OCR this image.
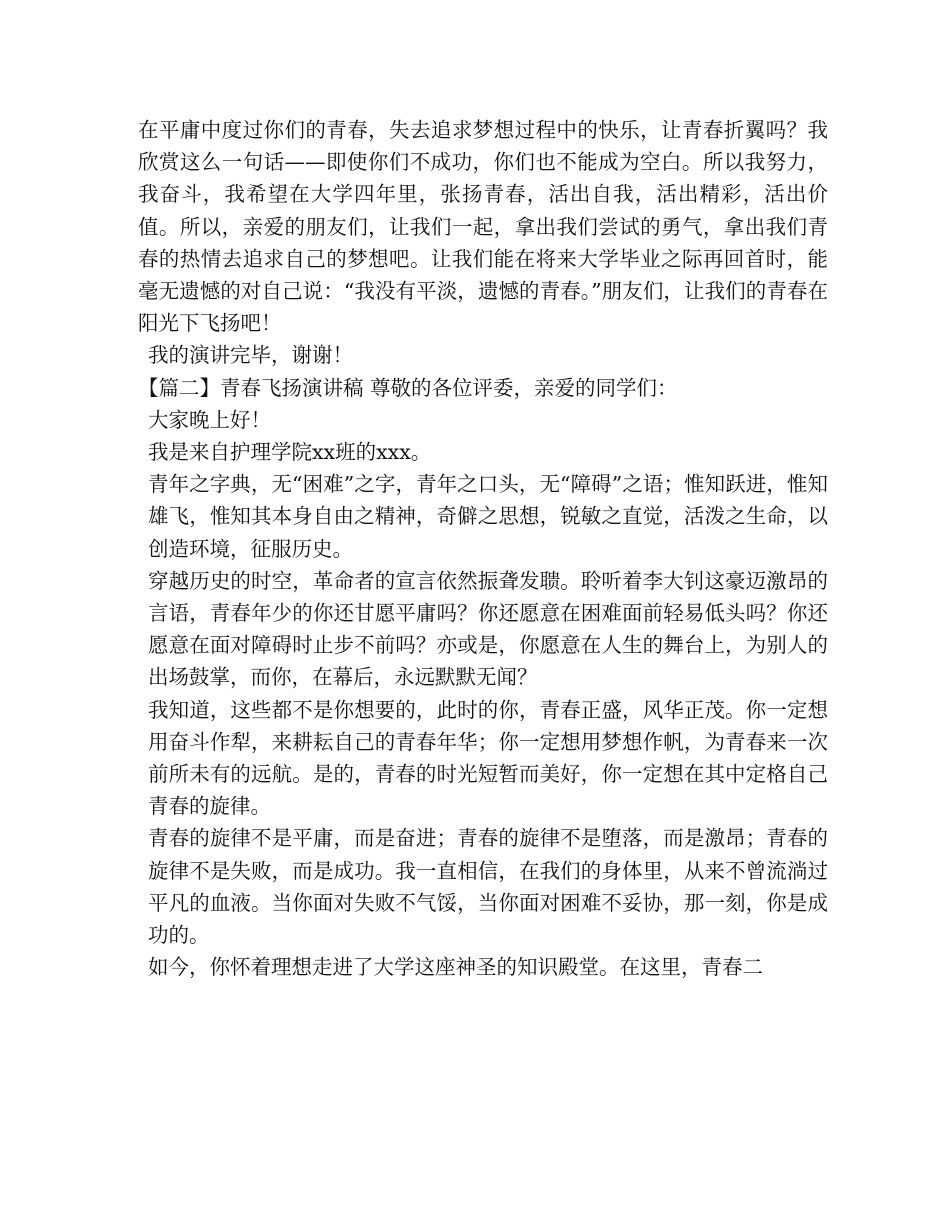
在平庸中度过你们的青春，失去追求梦想过程中的快乐，让青春折翼吗？我欣赏这么一句话——即使你们不成功，你们也不能成为空白。所以我努力，我奋斗，我希望在大学四年里，张扬青春，活出自我，活出精彩，活出价值。所以，亲爱的朋友们，让我们一起，拿出我们尝试的勇气，拿出我们青春的热情去追求自己的梦想吧。让我们能在将来大学毕业之际再回首时，能毫无遗憾的对自己说：“我没有平淡，遗憾的青春。”朋友们，让我们的青春在阳光下飞扬吧！

我的演讲完毕，谢谢！

【篇二】青春飞扬演讲稿 尊敬的各位评委，亲爱的同学们：

大家晚上好！

我是来自护理学院xx班的xxx。

青年之字典，无“困难”之字，青年之口头，无“障碍”之语；惟知跃进，惟知雄飞，惟知其本身自由之精神，奇僻之思想，锐敏之直觉，活泼之生命，以创造环境，征服历史。

穿越历史的时空，革命者的宣言依然振聋发聩。聆听着李大钊这豪迈激昂的言语，青春年少的你还甘愿平庸吗？你还愿意在困难面前轻易低头吗？你还愿意在面对障碍时止步不前吗？亦或是，你愿意在人生的舞台上，为别人的出场鼓掌，而你，在幕后，永远默默无闻？

我知道，这些都不是你想要的，此时的你，青春正盛，风华正茂。你一定想用奋斗作犁，来耕耘自己的青春年华；你一定想用梦想作帆，为青春来一次前所未有的远航。是的，青春的时光短暂而美好，你一定想在其中定格自己青春的旋律。

青春的旋律不是平庸，而是奋进；青春的旋律不是堕落，而是激昂；青春的旋律不是失败，而是成功。我一直相信，在我们的身体里，从来不曾流淌过平凡的血液。当你面对失败不气馁，当你面对困难不妥协，那一刻，你是成功的。

如今，你怀着理想走进了大学这座神圣的知识殿堂。在这里，青春二
